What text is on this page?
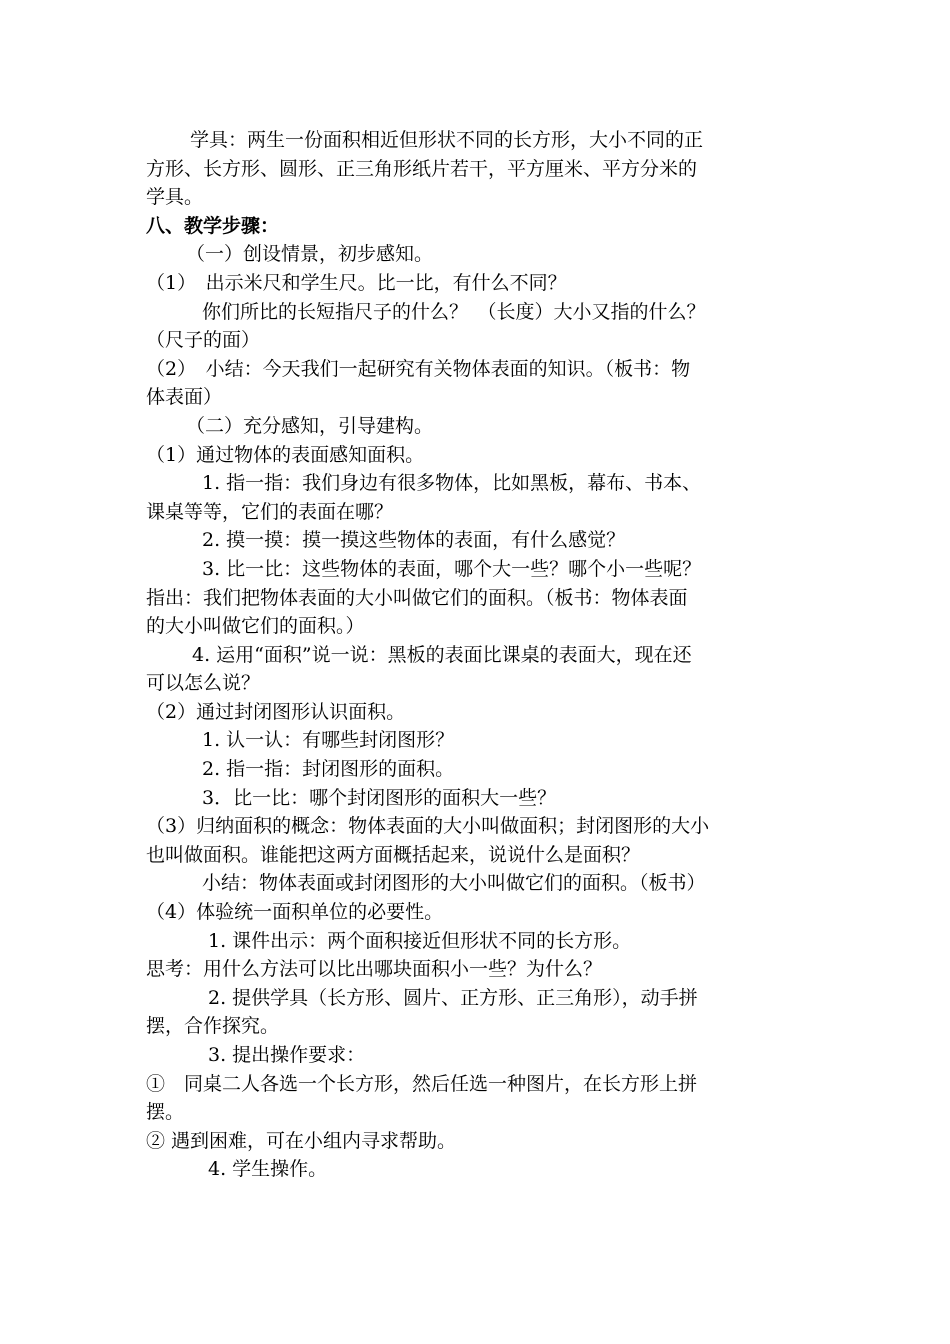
学具：两生一份面积相近但形状不同的长方形，大小不同的正
方形、长方形、圆形、正三角形纸片若干，平方厘米、平方分米的
学具。
八、教学步骤：
（一）创设情景，初步感知。
（1）　出示米尺和学生尺。比一比，有什么不同？
你们所比的长短指尺子的什么？　（长度）大小又指的什么？
（尺子的面）
（2）　小结：今天我们一起研究有关物体表面的知识。（板书：物
体表面）
（二）充分感知，引导建构。
（1）通过物体的表面感知面积。
1. 指一指：我们身边有很多物体，比如黑板，幕布、书本、
课桌等等，它们的表面在哪？
2. 摸一摸：摸一摸这些物体的表面，有什么感觉？
3. 比一比：这些物体的表面，哪个大一些？哪个小一些呢？
指出：我们把物体表面的大小叫做它们的面积。（板书：物体表面
的大小叫做它们的面积。）
4. 运用“面积”说一说：黑板的表面比课桌的表面大，现在还
可以怎么说？
（2）通过封闭图形认识面积。
1. 认一认：有哪些封闭图形？
2. 指一指：封闭图形的面积。
3．比一比：哪个封闭图形的面积大一些？
（3）归纳面积的概念：物体表面的大小叫做面积；封闭图形的大小
也叫做面积。谁能把这两方面概括起来，说说什么是面积？
小结：物体表面或封闭图形的大小叫做它们的面积。（板书）
（4）体验统一面积单位的必要性。
1. 课件出示：两个面积接近但形状不同的长方形。
思考：用什么方法可以比出哪块面积小一些？为什么？
2. 提供学具（长方形、圆片、正方形、正三角形），动手拼
摆，合作探究。
3. 提出操作要求：
①　同桌二人各选一个长方形，然后任选一种图片，在长方形上拼
摆。
② 遇到困难，可在小组内寻求帮助。
4. 学生操作。
